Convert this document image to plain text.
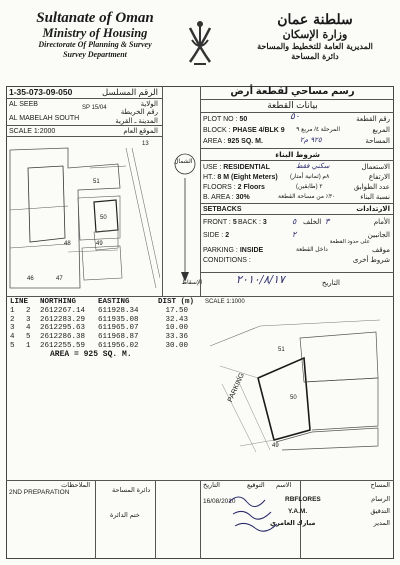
Sultanate of Oman
Ministry of Housing
Directorate Of Planning & Survey
Survey Department
سلطنة عمان
وزارة الإسكان
المديرية العامة للتخطيط والمساحة
دائرة المساحة
1-35-073-09-050	الرقم المسلسل
الولاية
AL SEEB
رقم الخريطة
SP 15/04
المدينة ـ القرية
AL MABELAH SOUTH
SCALE 1:2000	الموقع العام
13
51
50
49
48
47
46
الشمال
الإسقاط
رسم مساحي لقطعة أرض
بيانات القطعة
PLOT NO : 50	٥٠	رقم القطعة
BLOCK : PHASE 4/BLK 9	المرحلة ٤/ مربع ٩	المربع
AREA : 925 SQ. M.	٩٢٥ م٢	المساحة
شروط البناء
USE : RESIDENTIAL	سكني فقط	الاستعمال
HT.: 8 M (Eight Meters) ٨م (ثمانية أمتار)	الارتفاع
FLOORS : 2 Floors	٢ (طابقين)	عدد الطوابق
B. AREA : 30%	٣٠٪ من مساحة القطعة	نسبة البناء
SETBACKS	الارتدادات
FRONT : 5 BACK : 3	٥ الخلف ٣	الأمام
SIDE : 2	٢	الجانبين
على حدود القطعة
PARKING : INSIDE	داخل القطعة	موقف
CONDITIONS :	شروط أخرى
٢٠١٠/٨/١٧	التاريخ
LINE	NORTHING	EASTING	DIST (m)
1	2	2612267.14	611928.34	17.50
2	3	2612283.29	611935.08	32.43
3	4	2612295.63	611965.07	10.00
4	5	2612286.38	611968.87	33.36
5	1	2612255.59	611956.02	30.00
AREA = 925 SQ. M.
SCALE 1:1000
51
50
49
PARKING
الملاحظات
2ND PREPARATION	دائرة المساحة
ختم الدائرة
التاريخ	التوقيع الاسم
16/08/2010
المساح
الرسام
RBFLORES
التدقيق
Y.A.M.
المدير
مبارك العامري
